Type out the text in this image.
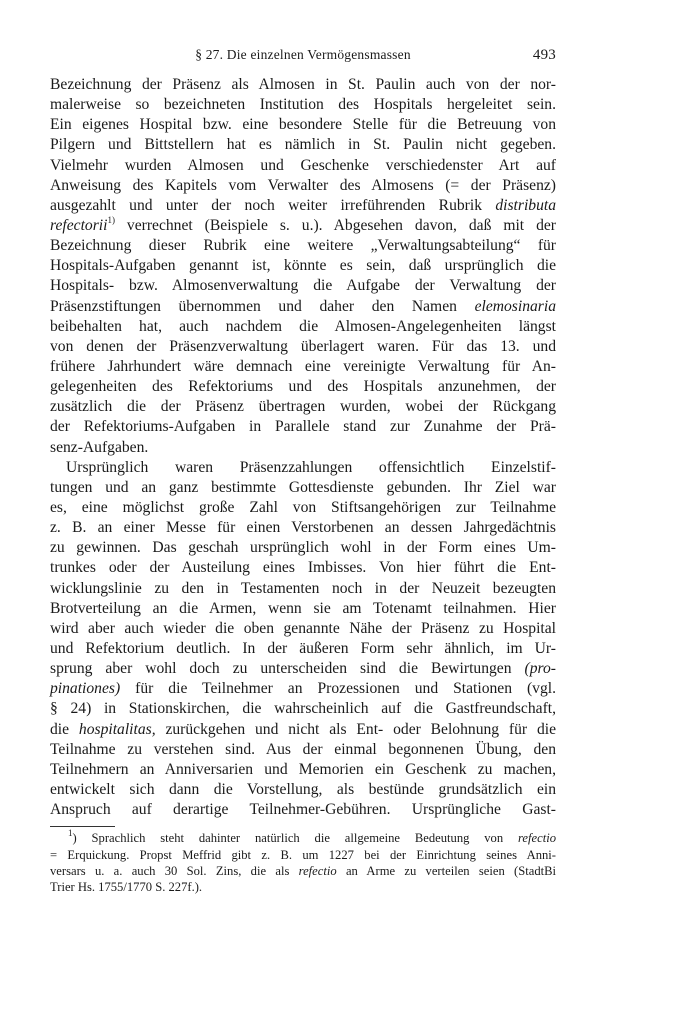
§ 27. Die einzelnen Vermögensmassen	493
Bezeichnung der Präsenz als Almosen in St. Paulin auch von der nor-
malerweise so bezeichneten Institution des Hospitals hergeleitet sein.
Ein eigenes Hospital bzw. eine besondere Stelle für die Betreuung von
Pilgern und Bittstellern hat es nämlich in St. Paulin nicht gegeben.
Vielmehr wurden Almosen und Geschenke verschiedenster Art auf
Anweisung des Kapitels vom Verwalter des Almosens (= der Präsenz)
ausgezahlt und unter der noch weiter irreführenden Rubrik distributa
refectorii$^{1)}$ verrechnet (Beispiele s. u.). Abgesehen davon, daß mit der
Bezeichnung dieser Rubrik eine weitere „Verwaltungsabteilung“ für
Hospitals-Aufgaben genannt ist, könnte es sein, daß ursprünglich die
Hospitals- bzw. Almosenverwaltung die Aufgabe der Verwaltung der
Präsenzstiftungen übernommen und daher den Namen elemosinaria
beibehalten hat, auch nachdem die Almosen-Angelegenheiten längst
von denen der Präsenzverwaltung überlagert waren. Für das 13. und
frühere Jahrhundert wäre demnach eine vereinigte Verwaltung für An-
gelegenheiten des Refektoriums und des Hospitals anzunehmen, der
zusätzlich die der Präsenz übertragen wurden, wobei der Rückgang
der Refektoriums-Aufgaben in Parallele stand zur Zunahme der Prä-
senz-Aufgaben.
Ursprünglich waren Präsenzzahlungen offensichtlich Einzelstif-
tungen und an ganz bestimmte Gottesdienste gebunden. Ihr Ziel war
es, eine möglichst große Zahl von Stiftsangehörigen zur Teilnahme
z. B. an einer Messe für einen Verstorbenen an dessen Jahrgedächtnis
zu gewinnen. Das geschah ursprünglich wohl in der Form eines Um-
trunkes oder der Austeilung eines Imbisses. Von hier führt die Ent-
wicklungslinie zu den in Testamenten noch in der Neuzeit bezeugten
Brotverteilung an die Armen, wenn sie am Totenamt teilnahmen. Hier
wird aber auch wieder die oben genannte Nähe der Präsenz zu Hospital
und Refektorium deutlich. In der äußeren Form sehr ähnlich, im Ur-
sprung aber wohl doch zu unterscheiden sind die Bewirtungen (pro-
pinationes) für die Teilnehmer an Prozessionen und Stationen (vgl.
§ 24) in Stationskirchen, die wahrscheinlich auf die Gastfreundschaft,
die hospitalitas, zurückgehen und nicht als Ent- oder Belohnung für die
Teilnahme zu verstehen sind. Aus der einmal begonnenen Übung, den
Teilnehmern an Anniversarien und Memorien ein Geschenk zu machen,
entwickelt sich dann die Vorstellung, als bestünde grundsätzlich ein
Anspruch auf derartige Teilnehmer-Gebühren. Ursprüngliche Gast-
$^1$) Sprachlich steht dahinter natürlich die allgemeine Bedeutung von refectio
= Erquickung. Propst Meffrid gibt z. B. um 1227 bei der Einrichtung seines Anni-
versars u. a. auch 30 Sol. Zins, die als refectio an Arme zu verteilen seien (StadtBi
Trier Hs. 1755/1770 S. 227f.).
